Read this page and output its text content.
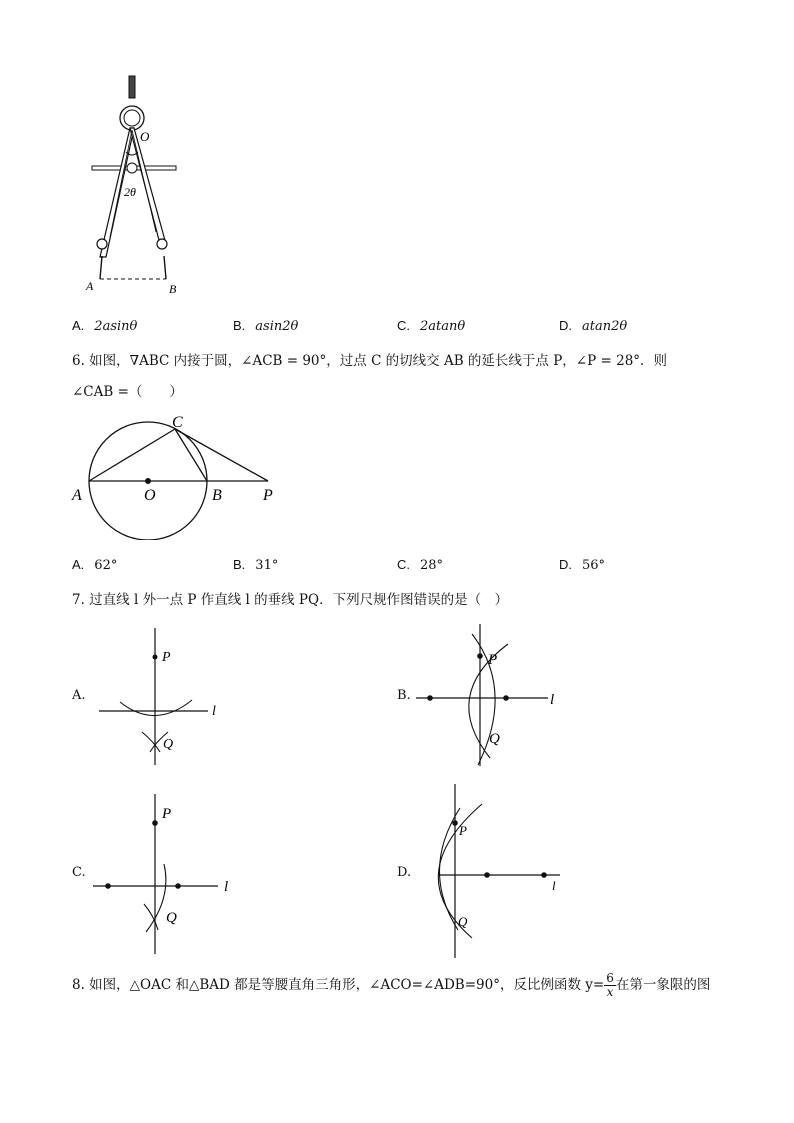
O
2θ
A	B
A. 2asinθ	B. asin2θ	C. 2atanθ	D. atan2θ
6. 如图，∇ABC 内接于圆，∠ACB = 90°，过点 C 的切线交 AB 的延长线于点 P，∠P = 28°．则
∠CAB =（　　）
C
A	O	B	P
A. 62°	B. 31°	C. 28°	D. 56°
7. 过直线 l 外一点 P 作直线 l 的垂线 PQ．下列尺规作图错误的是（　）
A.
P
Q
l
B.
P
Q
l
C.
P
Q
l
D.
P
Q
l
8. 如图，△OAC 和△BAD 都是等腰直角三角形，∠ACO=∠ADB=90°，反比例函数 $y= \frac{6}{x}$ 在第一象限的图
